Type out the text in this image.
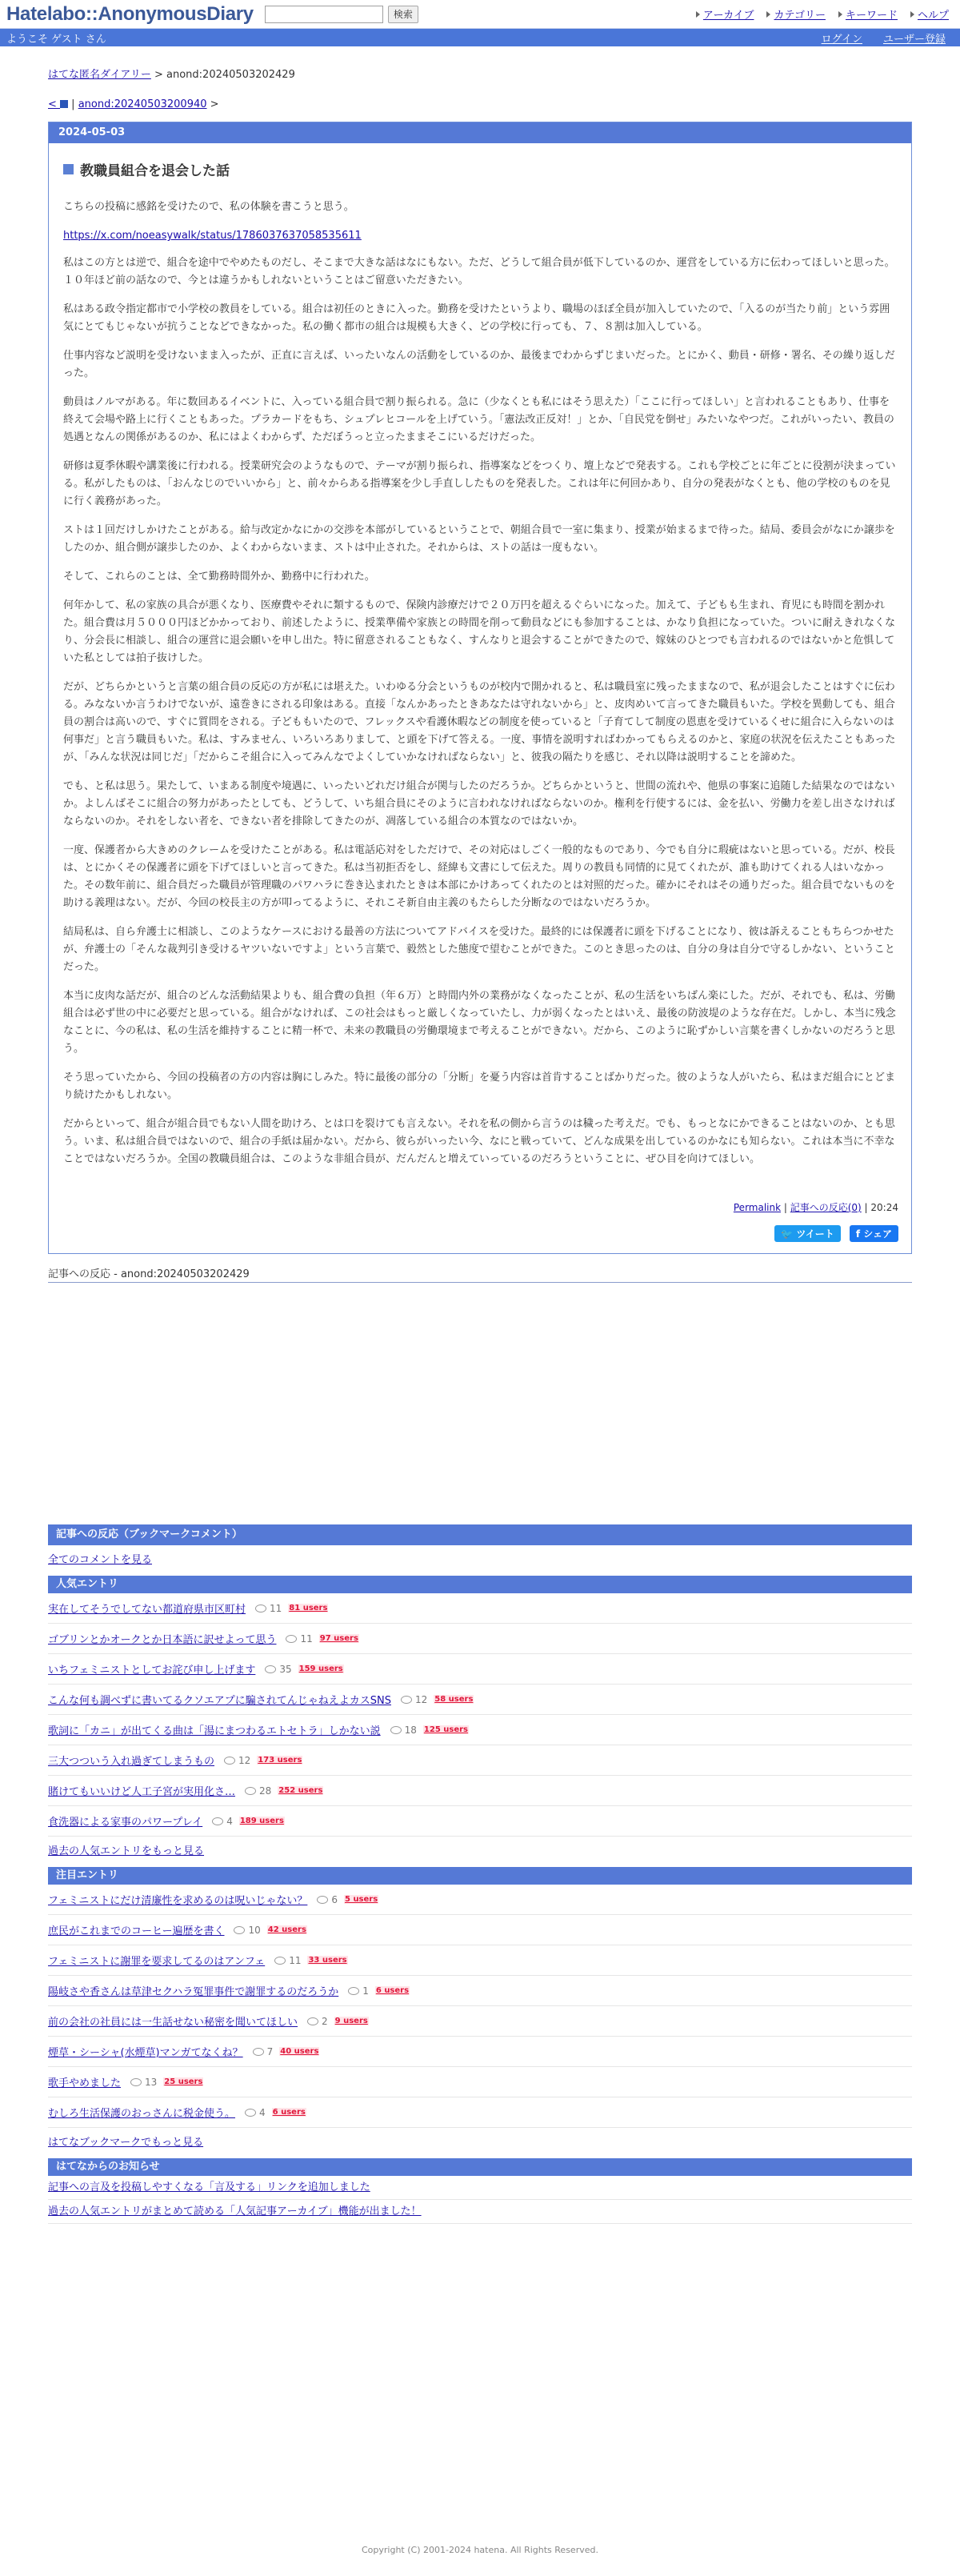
Hatelabo::AnonymousDiary	検索	アーカイブ カテゴリー キーワード ヘルプ
ようこそ ゲスト さん	ログイン ユーザー登録
はてな匿名ダイアリー > anond:20240503202429
<  | anond:20240503200940 >
2024-05-03
教職員組合を退会した話

こちらの投稿に感銘を受けたので、私の体験を書こうと思う。

https://x.com/noeasywalk/status/1786037637058535611

私はこの方とは逆で、組合を途中でやめたものだし、そこまで大きな話はなにもない。ただ、どうして組合員が低下しているのか、運営をしている方に伝わってほしいと思った。１０年ほど前の話なので、今とは違うかもしれないということはご留意いただきたい。

私はある政令指定都市で小学校の教員をしている。組合は初任のときに入った。勤務を受けたというより、職場のほぼ全員が加入していたので、「入るのが当たり前」という雰囲気にとてもじゃないが抗うことなどできなかった。私の働く都市の組合は規模も大きく、どの学校に行っても、７、８割は加入している。

仕事内容など説明を受けないまま入ったが、正直に言えば、いったいなんの活動をしているのか、最後までわからずじまいだった。とにかく、動員・研修・署名、その繰り返しだった。

動員はノルマがある。年に数回あるイベントに、入っている組合員で割り振られる。急に（少なくとも私にはそう思えた）「ここに行ってほしい」と言われることもあり、仕事を終えて会場や路上に行くこともあった。プラカードをもち、シュプレヒコールを上げていう。「憲法改正反対！」とか、「自民党を倒せ」みたいなやつだ。これがいったい、教員の処遇となんの関係があるのか、私にはよくわからず、ただぼうっと立ったままそこにいるだけだった。

研修は夏季休暇や講業後に行われる。授業研究会のようなもので、テーマが割り振られ、指導案などをつくり、壇上などで発表する。これも学校ごとに年ごとに役割が決まっている。私がしたものは、「おんなじのでいいから」と、前々からある指導案を少し手直ししたものを発表した。これは年に何回かあり、自分の発表がなくとも、他の学校のものを見に行く義務があった。

ストは１回だけしかけたことがある。給与改定かなにかの交渉を本部がしているということで、朝組合員で一室に集まり、授業が始まるまで待った。結局、委員会がなにか譲歩をしたのか、組合側が譲歩したのか、よくわからないまま、ストは中止された。それからは、ストの話は一度もない。

そして、これらのことは、全て勤務時間外か、勤務中に行われた。

何年かして、私の家族の具合が悪くなり、医療費やそれに類するもので、保険内診療だけで２０万円を超えるぐらいになった。加えて、子どもも生まれ、育児にも時間を割かれた。組合費は月５０００円ほどかかっており、前述したように、授業準備や家族との時間を削って動員などにも参加することは、かなり負担になっていた。ついに耐えきれなくなり、分会長に相談し、組合の運営に退会願いを申し出た。特に留意されることもなく、すんなりと退会することができたので、嫁妹のひとつでも言われるのではないかと危惧していた私としては拍子抜けした。

だが、どちらかというと言葉の組合員の反応の方が私には堪えた。いわゆる分会というものが校内で開かれると、私は職員室に残ったままなので、私が退会したことはすぐに伝わる。みなないか言うわけでないが、遠巻きにされる印象はある。直接「なんかあったときあなたは守れないから」と、皮肉めいて言ってきた職員もいた。学校を異動しても、組合員の割合は高いので、すぐに質問をされる。子どももいたので、フレックスや看護休暇などの制度を使っていると「子育てして制度の恩恵を受けているくせに組合に入らないのは何事だ」と言う職員もいた。私は、すみません、いろいろありまして、と頭を下げて答える。一度、事情を説明すればわかってもらえるのかと、家庭の状況を伝えたこともあったが、「みんな状況は同じだ」「だからこそ組合に入ってみんなでよくしていかなければならない」と、彼我の隔たりを感じ、それ以降は説明することを諦めた。

でも、と私は思う。果たして、いまある制度や境遇に、いったいどれだけ組合が関与したのだろうか。どちらかというと、世間の流れや、他県の事案に追随した結果なのではないか。よしんばそこに組合の努力があったとしても、どうして、いち組合員にそのように言われなければならないのか。権利を行使するには、金を払い、労働力を差し出さなければならないのか。それをしない者を、できない者を排除してきたのが、凋落している組合の本質なのではないか。

一度、保護者から大きめのクレームを受けたことがある。私は電話応対をしただけで、その対応はしごく一般的なものであり、今でも自分に瑕疵はないと思っている。だが、校長は、とにかくその保護者に頭を下げてほしいと言ってきた。私は当初拒否をし、経緯も文書にして伝えた。周りの教員も同情的に見てくれたが、誰も助けてくれる人はいなかった。その数年前に、組合員だった職員が管理職のパワハラに巻き込まれたときは本部にかけあってくれたのとは対照的だった。確かにそれはその通りだった。組合員でないものを助ける義理はない。だが、今回の校長主の方が叩ってるように、それこそ新自由主義のもたらした分断なのではないだろうか。

結局私は、自ら弁護士に相談し、このようなケースにおける最善の方法についてアドバイスを受けた。最終的には保護者に頭を下げることになり、彼は訴えることもちらつかせたが、弁護士の「そんな裁判引き受けるヤツいないですよ」という言葉で、毅然とした態度で望むことができた。このとき思ったのは、自分の身は自分で守るしかない、ということだった。

本当に皮肉な話だが、組合のどんな活動結果よりも、組合費の負担（年６万）と時間内外の業務がなくなったことが、私の生活をいちばん楽にした。だが、それでも、私は、労働組合は必ず世の中に必要だと思っている。組合がなければ、この社会はもっと厳しくなっていたし、力が弱くなったとはいえ、最後の防波堤のような存在だ。しかし、本当に残念なことに、今の私は、私の生活を維持することに精一杯で、未来の教職員の労働環境まで考えることができない。だから、このように恥ずかしい言葉を書くしかないのだろうと思う。

そう思っていたから、今回の投稿者の方の内容は胸にしみた。特に最後の部分の「分断」を憂う内容は首肯することばかりだった。彼のような人がいたら、私はまだ組合にとどまり続けたかもしれない。

だからといって、組合が組合員でもない人間を助けろ、とは口を裂けても言えない。それを私の側から言うのは穢った考えだ。でも、もっとなにかできることはないのか、とも思う。いま、私は組合員ではないので、組合の手紙は届かない。だから、彼らがいったい今、なにと戦っていて、どんな成果を出しているのかなにも知らない。これは本当に不幸なことではないだろうか。全国の教職員組合は、このような非組合員が、だんだんと増えていっているのだろうということに、ぜひ目を向けてほしい。

Permalink | 記事への反応(0) | 20:24
🐦 ツイート f シェア
記事への反応 - anond:20240503202429
記事への反応（ブックマークコメント）
全てのコメントを見る
人気エントリ
実在してそうでしてない都道府県市区町村	11 81 users
ゴブリンとかオークとか日本語に訳せよって思う	11 97 users
いちフェミニストとしてお詫び申し上げます	35 159 users
こんな何も調べずに書いてるクソエアプに騙されてんじゃねえよカスSNS	12 58 users
歌詞に「カニ」が出てくる曲は「湯にまつわるエトセトラ」しかない説	18 125 users
三大つついう入れ過ぎてしまうもの	12 173 users
賭けてもいいけど人工子宮が実用化さ…	28 252 users
食洗器による家事のパワープレイ	4 189 users
過去の人気エントリをもっと見る
注目エントリ
フェミニストにだけ清廉性を求めるのは呪いじゃない？	6 5 users
庶民がこれまでのコーヒー遍歴を書く	10 42 users
フェミニストに謝罪を要求してるのはアンフェ	11 33 users
陽岐さや香さんは草津セクハラ冤罪事件で謝罪するのだろうか	1 6 users
前の会社の社員には一生話せない秘密を聞いてほしい	2 9 users
煙草・シーシャ(水煙草)マンガてなくね？	7 40 users
歌手やめました	13 25 users
むしろ生活保護のおっさんに税金使う。	4 6 users
はてなブックマークでもっと見る
はてなからのお知らせ
記事への言及を投稿しやすくなる「言及する」リンクを追加しました
過去の人気エントリがまとめて読める「人気記事アーカイブ」機能が出ました！
Copyright (C) 2001-2024 hatena. All Rights Reserved.
